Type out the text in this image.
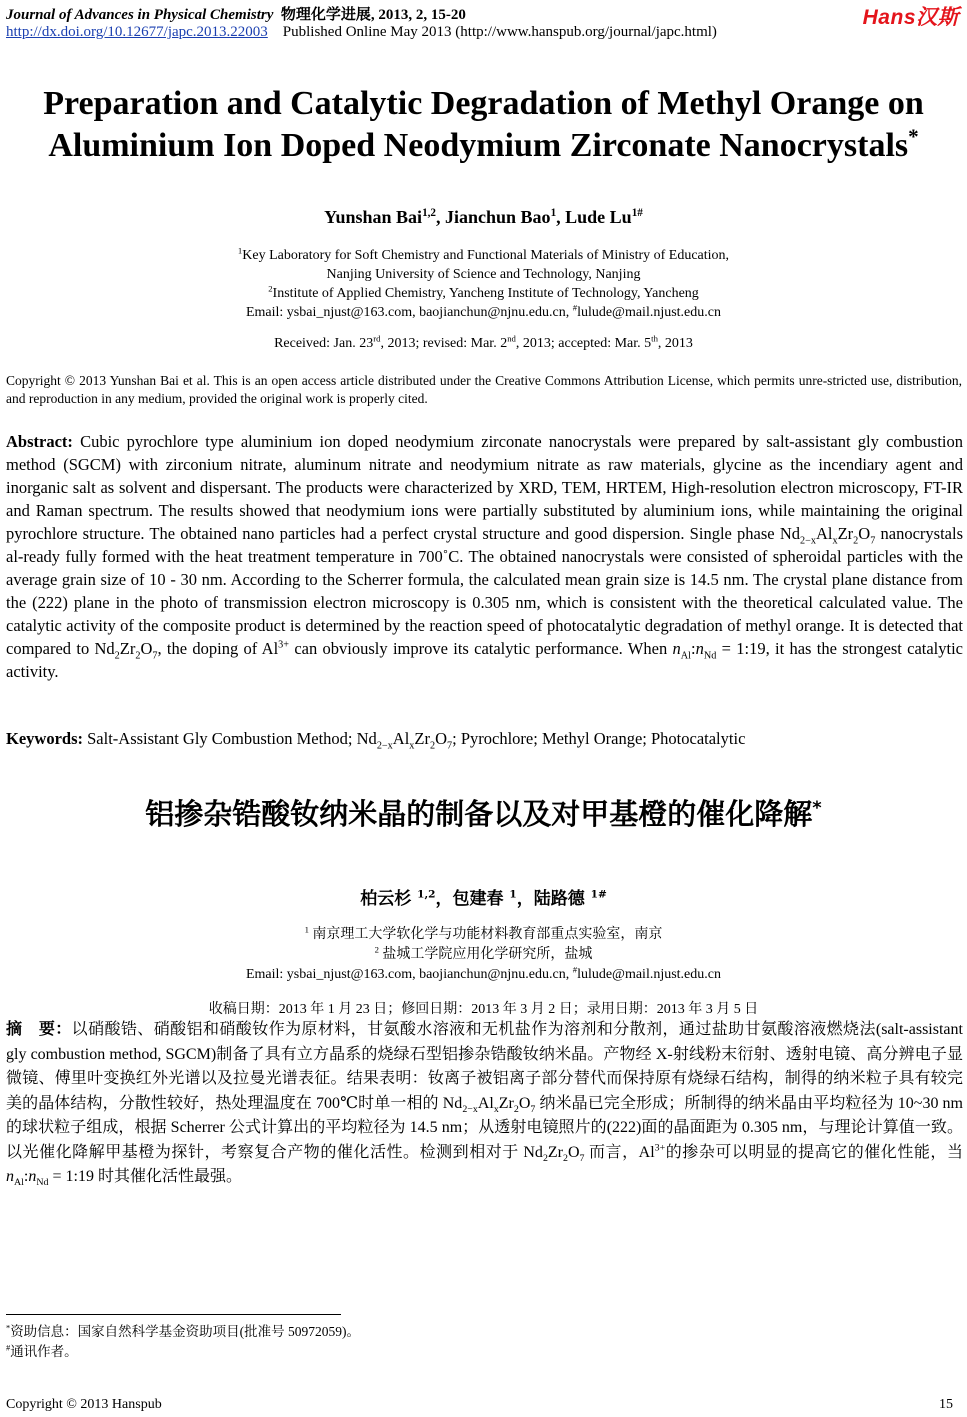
Journal of Advances in Physical Chemistry 物理化学进展, 2013, 2, 15-20
http://dx.doi.org/10.12677/japc.2013.22003 Published Online May 2013 (http://www.hanspub.org/journal/japc.html)
Hans汉斯
Preparation and Catalytic Degradation of Methyl Orange on
Aluminium Ion Doped Neodymium Zirconate Nanocrystals*
Yunshan Bai$^{1,2}$, Jianchun Bao$^1$, Lude $Lu^{1\#}$
$^1$Key Laboratory for Soft Chemistry and Functional Materials of Ministry of Education,
Nanjing University of Science and Technology, Nanjing
$^2$Institute of Applied Chemistry, Yancheng Institute of Technology, Yancheng
Email: ysbai_njust@163.com, baojianchun@njnu.edu.cn, #lulude@mail.njust.edu.cn
Received: Jan. 23rd, 2013; revised: Mar. 2nd, 2013; accepted: Mar. 5th, 2013
Copyright © 2013 Yunshan Bai et al. This is an open access article distributed under the Creative Commons Attribution License, which permits unre-stricted use, distribution, and reproduction in any medium, provided the original work is properly cited.
Abstract: Cubic pyrochlore type aluminium ion doped neodymium zirconate nanocrystals were prepared by salt-assistant gly combustion method (SGCM) with zirconium nitrate, aluminum nitrate and neodymium nitrate as raw materials, glycine as the incendiary agent and inorganic salt as solvent and dispersant. The products were characterized by XRD, TEM, HRTEM, High-resolution electron microscopy, FT-IR and Raman spectrum. The results showed that neodymium ions were partially substituted by aluminium ions, while maintaining the original pyrochlore structure. The obtained nano particles had a perfect crystal structure and good dispersion. Single phase $Nd_{2-x}Al_xZr_2O_7$ nanocrystals al-ready fully formed with the heat treatment temperature in 700˚C. The obtained nanocrystals were consisted of spheroidal particles with the average grain size of 10 - 30 nm. According to the Scherrer formula, the calculated mean grain size is 14.5 nm. The crystal plane distance from the (222) plane in the photo of transmission electron microscopy is 0.305 nm, which is consistent with the theoretical calculated value. The catalytic activity of the composite product is determined by the reaction speed of photocatalytic degradation of methyl orange. It is detected that compared to $Nd_2Zr_2O_7$, the doping of $Al^{3+}$ can obviously improve its catalytic performance. When $n_{Al}:n_{Nd}$ = 1:19, it has the strongest catalytic activity.
Keywords: Salt-Assistant Gly Combustion Method; $Nd_{2-x}Al_xZr_2O_7$; Pyrochlore; Methyl Orange; Photocatalytic
铝掺杂锆酸钕纳米晶的制备以及对甲基橙的催化降解*
柏云杉 $^{1,2}$，包建春 $^1$，陆路德 $^{1\#}$
$^1$ 南京理工大学软化学与功能材料教育部重点实验室，南京
$^2$ 盐城工学院应用化学研究所，盐城
Email: ysbai_njust@163.com, baojianchun@njnu.edu.cn, #lulude@mail.njust.edu.cn
收稿日期：2013 年 1 月 23 日；修回日期：2013 年 3 月 2 日；录用日期：2013 年 3 月 5 日
摘　要：以硝酸锆、硝酸铝和硝酸钕作为原材料，甘氨酸水溶液和无机盐作为溶剂和分散剂，通过盐助甘氨酸溶液燃烧法(salt-assistant gly combustion method, SGCM)制备了具有立方晶系的烧绿石型铝掺杂锆酸钕纳米晶。产物经 X-射线粉末衍射、透射电镜、高分辨电子显微镜、傅里叶变换红外光谱以及拉曼光谱表征。结果表明：钕离子被铝离子部分替代而保持原有烧绿石结构，制得的纳米粒子具有较完美的晶体结构，分散性较好，热处理温度在 700℃时单一相的 $Nd_{2-x}Al_xZr_2O_7$ 纳米晶已完全形成；所制得的纳米晶由平均粒径为 10~30 nm 的球状粒子组成，根据 Scherrer 公式计算出的平均粒径为 14.5 nm；从透射电镜照片的(222)面的晶面距为 0.305 nm，与理论计算值一致。以光催化降解甲基橙为探针，考察复合产物的催化活性。检测到相对于 $Nd_2Zr_2O_7$ 而言，$Al^{3+}$的掺杂可以明显的提高它的催化性能，当 $n_{Al}:n_{Nd}$ = 1:19 时其催化活性最强。
*资助信息：国家自然科学基金资助项目(批准号 50972059)。
#通讯作者。
Copyright © 2013 Hanspub	15
